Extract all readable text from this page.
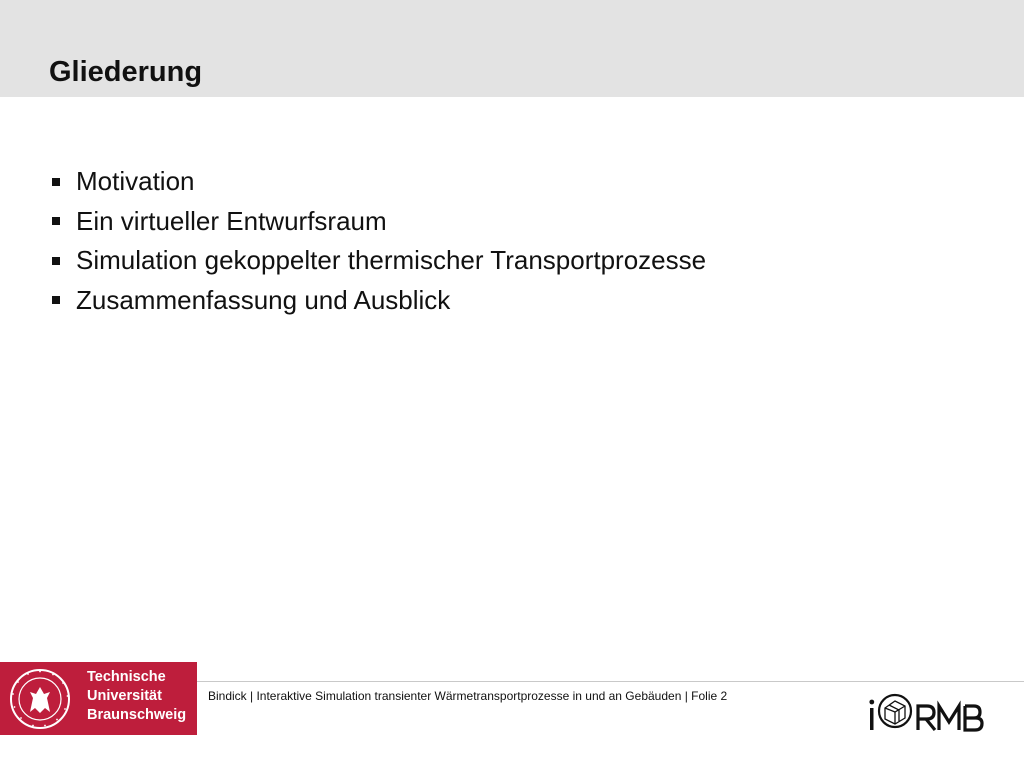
Gliederung
Motivation
Ein virtueller Entwurfsraum
Simulation gekoppelter thermischer Transportprozesse
Zusammenfassung und Ausblick
Technische
Universität
Braunschweig
Bindick | Interaktive Simulation transienter Wärmetransportprozesse in und an Gebäuden | Folie 2
